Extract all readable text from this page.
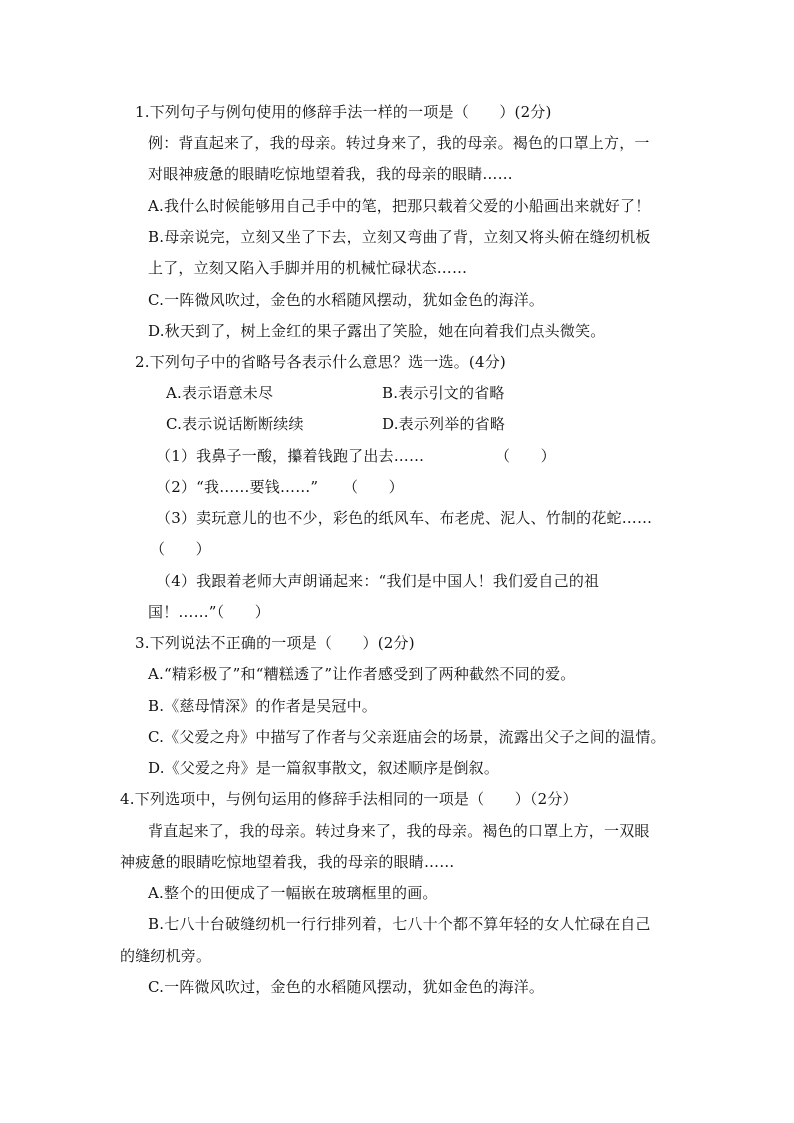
1.下列句子与例句使用的修辞手法一样的一项是（　　）(2分)
例：背直起来了，我的母亲。转过身来了，我的母亲。褐色的口罩上方，一
对眼神疲惫的眼睛吃惊地望着我，我的母亲的眼睛……
A.我什么时候能够用自己手中的笔，把那只载着父爱的小船画出来就好了！
B.母亲说完，立刻又坐了下去，立刻又弯曲了背，立刻又将头俯在缝纫机板
上了，立刻又陷入手脚并用的机械忙碌状态……
C.一阵微风吹过，金色的水稻随风摆动，犹如金色的海洋。
D.秋天到了，树上金红的果子露出了笑脸，她在向着我们点头微笑。
2.下列句子中的省略号各表示什么意思？选一选。(4分)
A.表示语意未尽	B.表示引文的省略
C.表示说话断断续续	D.表示列举的省略
（1）我鼻子一酸，攥着钱跑了出去……	（　　）
（2）“我……要钱……” （　　）
（3）卖玩意儿的也不少，彩色的纸风车、布老虎、泥人、竹制的花蛇……
（　　）
（4）我跟着老师大声朗诵起来：“我们是中国人！我们爱自己的祖
国！……”（　　）
3.下列说法不正确的一项是（　　）(2分)
A.“精彩极了”和“糟糕透了”让作者感受到了两种截然不同的爱。
B.《慈母情深》的作者是吴冠中。
C.《父爱之舟》中描写了作者与父亲逛庙会的场景，流露出父子之间的温情。
D.《父爱之舟》是一篇叙事散文，叙述顺序是倒叙。
4.下列选项中，与例句运用的修辞手法相同的一项是（　　）（2分）
背直起来了，我的母亲。转过身来了，我的母亲。褐色的口罩上方，一双眼
神疲惫的眼睛吃惊地望着我，我的母亲的眼睛……
A.整个的田便成了一幅嵌在玻璃框里的画。
B.七八十台破缝纫机一行行排列着，七八十个都不算年轻的女人忙碌在自己
的缝纫机旁。
C.一阵微风吹过，金色的水稻随风摆动，犹如金色的海洋。
